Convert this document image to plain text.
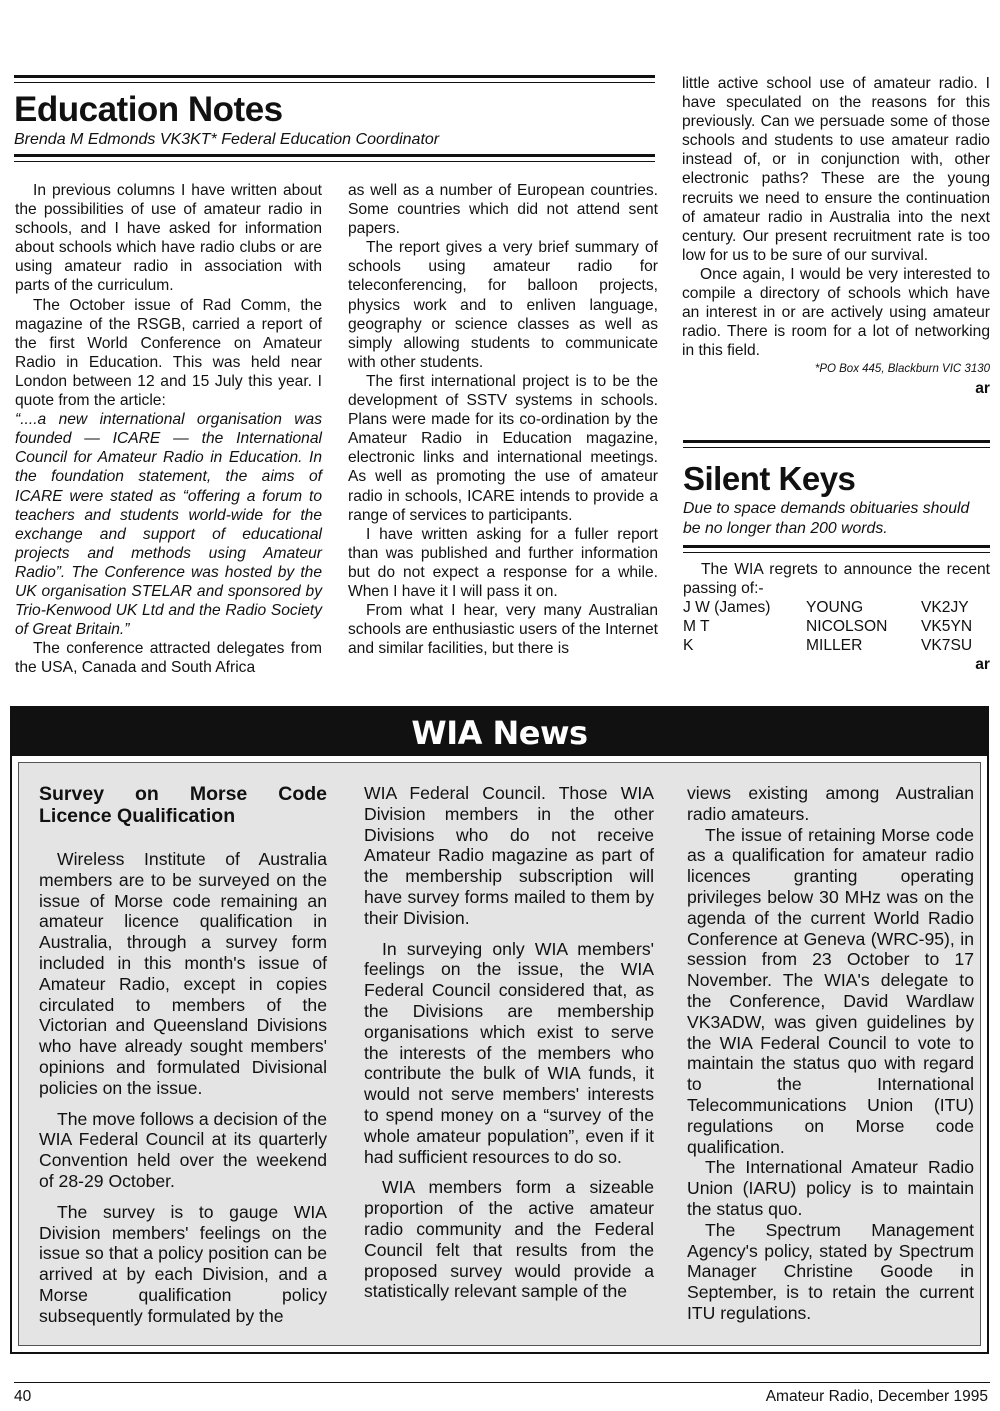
Education Notes
Brenda M Edmonds VK3KT* Federal Education Coordinator

In previous columns I have written about the possibilities of use of amateur radio in schools, and I have asked for information about schools which have radio clubs or are using amateur radio in association with parts of the curriculum.

The October issue of Rad Comm, the magazine of the RSGB, carried a report of the first World Conference on Amateur Radio in Education. This was held near London between 12 and 15 July this year. I quote from the article:

“....a new international organisation was founded — ICARE — the International Council for Amateur Radio in Education. In the foundation statement, the aims of ICARE were stated as “offering a forum to teachers and students world-wide for the exchange and support of educational projects and methods using Amateur Radio”. The Conference was hosted by the UK organisation STELAR and sponsored by Trio-Kenwood UK Ltd and the Radio Society of Great Britain.”

The conference attracted delegates from the USA, Canada and South Africa

as well as a number of European countries. Some countries which did not attend sent papers.

The report gives a very brief summary of schools using amateur radio for teleconferencing, for balloon projects, physics work and to enliven language, geography or science classes as well as simply allowing students to communicate with other students.

The first international project is to be the development of SSTV systems in schools. Plans were made for its co-ordination by the Amateur Radio in Education magazine, electronic links and international meetings. As well as promoting the use of amateur radio in schools, ICARE intends to provide a range of services to participants.

I have written asking for a fuller report than was published and further information but do not expect a response for a while. When I have it I will pass it on.

From what I hear, very many Australian schools are enthusiastic users of the Internet and similar facilities, but there is

little active school use of amateur radio. I have speculated on the reasons for this previously. Can we persuade some of those schools and students to use amateur radio instead of, or in conjunction with, other electronic paths? These are the young recruits we need to ensure the continuation of amateur radio in Australia into the next century. Our present recruitment rate is too low for us to be sure of our survival.

Once again, I would be very interested to compile a directory of schools which have an interest in or are actively using amateur radio. There is room for a lot of networking in this field.

*PO Box 445, Blackburn VIC 3130

ar

Silent Keys
Due to space demands obituaries should be no longer than 200 words.

The WIA regrets to announce the recent passing of:-

J W (James)	YOUNG	VK2JY
M T	NICOLSON	VK5YN
K	MILLER	VK7SU

ar

WIA News
Survey on Morse Code Licence Qualification

Wireless Institute of Australia members are to be surveyed on the issue of Morse code remaining an amateur licence qualification in Australia, through a survey form included in this month's issue of Amateur Radio, except in copies circulated to members of the Victorian and Queensland Divisions who have already sought members' opinions and formulated Divisional policies on the issue.

The move follows a decision of the WIA Federal Council at its quarterly Convention held over the weekend of 28-29 October.

The survey is to gauge WIA Division members' feelings on the issue so that a policy position can be arrived at by each Division, and a Morse qualification policy subsequently formulated by the

WIA Federal Council. Those WIA Division members in the other Divisions who do not receive Amateur Radio magazine as part of the membership subscription will have survey forms mailed to them by their Division.

In surveying only WIA members' feelings on the issue, the WIA Federal Council considered that, as the Divisions are membership organisations which exist to serve the interests of the members who contribute the bulk of WIA funds, it would not serve members' interests to spend money on a “survey of the whole amateur population”, even if it had sufficient resources to do so.

WIA members form a sizeable proportion of the active amateur radio community and the Federal Council felt that results from the proposed survey would provide a statistically relevant sample of the

views existing among Australian radio amateurs.

The issue of retaining Morse code as a qualification for amateur radio licences granting operating privileges below 30 MHz was on the agenda of the current World Radio Conference at Geneva (WRC-95), in session from 23 October to 17 November. The WIA's delegate to the Conference, David Wardlaw VK3ADW, was given guidelines by the WIA Federal Council to vote to maintain the status quo with regard to the International Telecommunications Union (ITU) regulations on Morse code qualification.

The International Amateur Radio Union (IARU) policy is to maintain the status quo.

The Spectrum Management Agency's policy, stated by Spectrum Manager Christine Goode in September, is to retain the current ITU regulations.

40	Amateur Radio, December 1995
